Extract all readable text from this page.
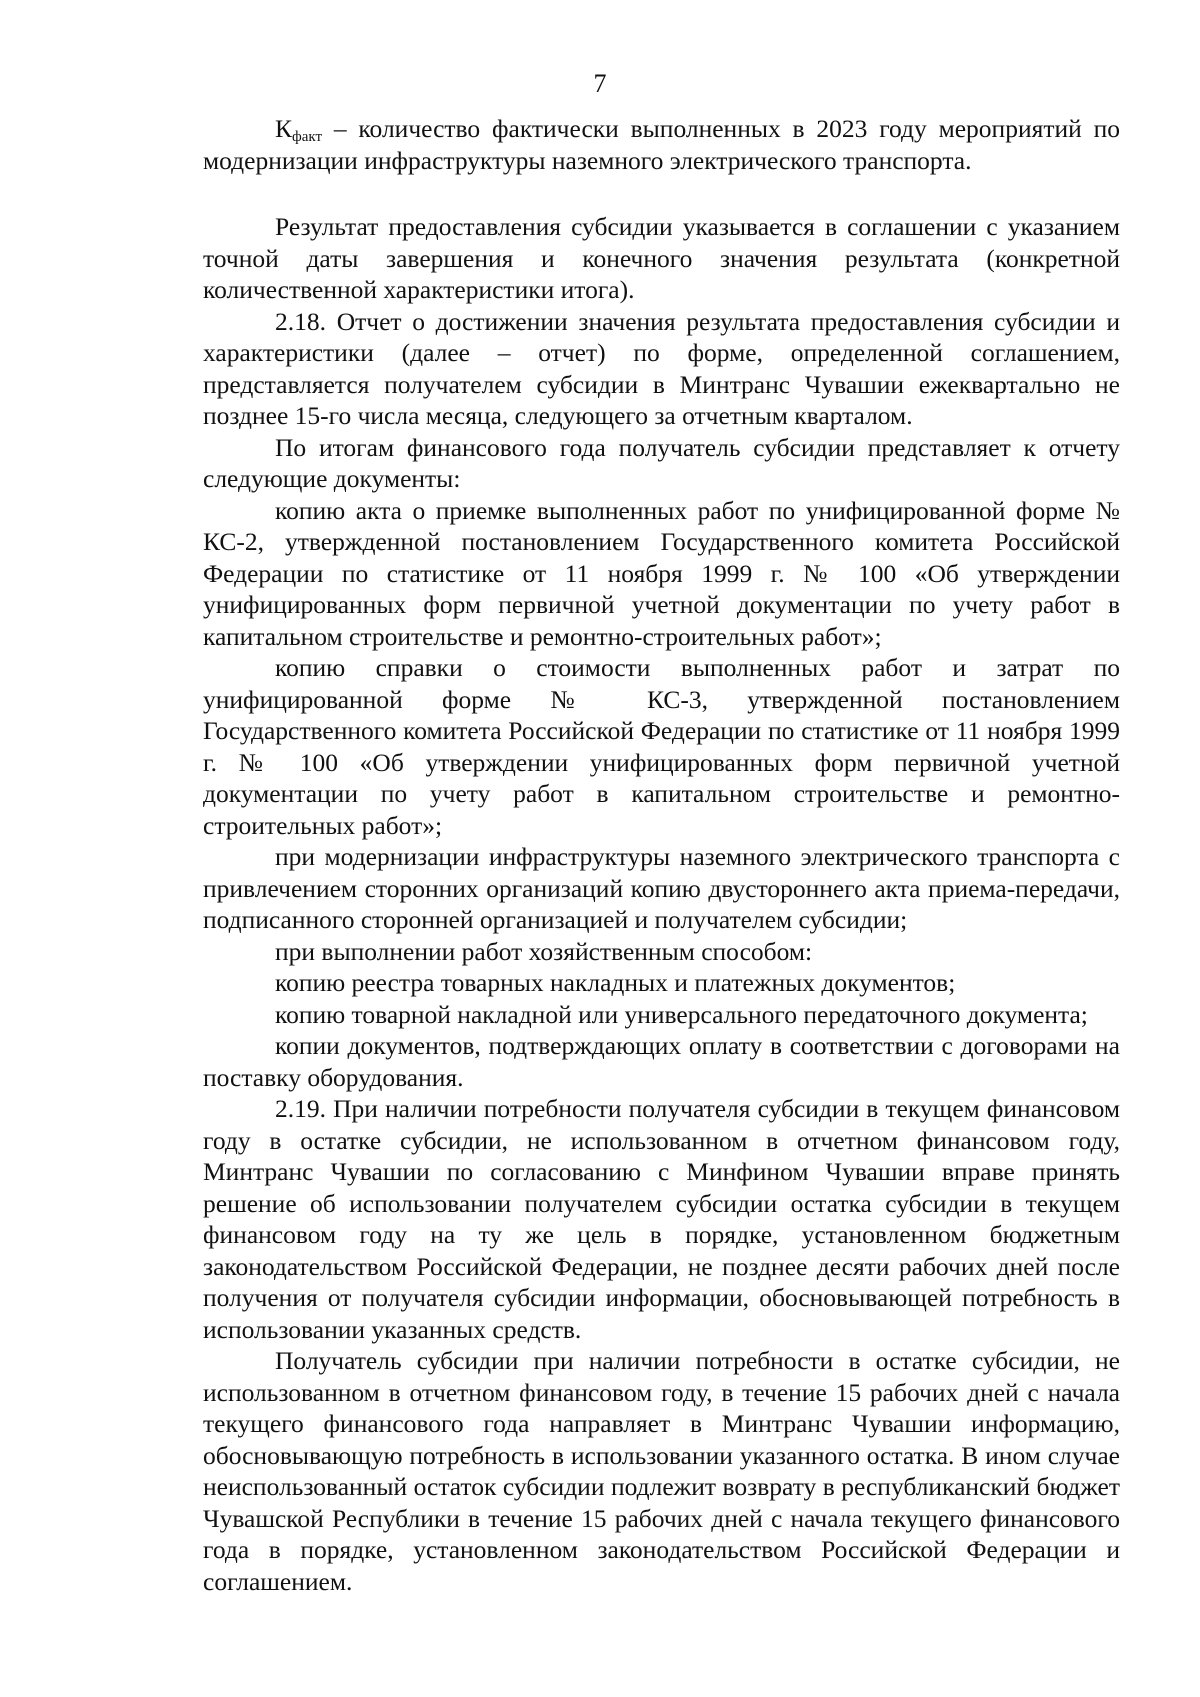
7

$К_{факт}$ – количество фактически выполненных в 2023 году мероприятий по модернизации инфраструктуры наземного электрического транспорта.

Результат предоставления субсидии указывается в соглашении с указанием точной даты завершения и конечного значения результата (конкретной количественной характеристики итога).

2.18. Отчет о достижении значения результата предоставления субсидии и характеристики (далее – отчет) по форме, определенной соглашением, представляется получателем субсидии в Минтранс Чувашии ежеквартально не позднее 15-го числа месяца, следующего за отчетным кварталом.

По итогам финансового года получатель субсидии представляет к отчету следующие документы:

копию акта о приемке выполненных работ по унифицированной форме № КС-2, утвержденной постановлением Государственного комитета Российской Федерации по статистике от 11 ноября 1999 г. № 100 «Об утверждении унифицированных форм первичной учетной документации по учету работ в капитальном строительстве и ремонтно-строительных работ»;

копию справки о стоимости выполненных работ и затрат по унифицированной форме № КС-3, утвержденной постановлением Государственного комитета Российской Федерации по статистике от 11 ноября 1999 г. № 100 «Об утверждении унифицированных форм первичной учетной документации по учету работ в капитальном строительстве и ремонтно-строительных работ»;

при модернизации инфраструктуры наземного электрического транспорта с привлечением сторонних организаций копию двустороннего акта приема-передачи, подписанного сторонней организацией и получателем субсидии;

при выполнении работ хозяйственным способом:

копию реестра товарных накладных и платежных документов;

копию товарной накладной или универсального передаточного документа;

копии документов, подтверждающих оплату в соответствии с договорами на поставку оборудования.

2.19. При наличии потребности получателя субсидии в текущем финансовом году в остатке субсидии, не использованном в отчетном финансовом году, Минтранс Чувашии по согласованию с Минфином Чувашии вправе принять решение об использовании получателем субсидии остатка субсидии в текущем финансовом году на ту же цель в порядке, установленном бюджетным законодательством Российской Федерации, не позднее десяти рабочих дней после получения от получателя субсидии информации, обосновывающей потребность в использовании указанных средств.

Получатель субсидии при наличии потребности в остатке субсидии, не использованном в отчетном финансовом году, в течение 15 рабочих дней с начала текущего финансового года направляет в Минтранс Чувашии информацию, обосновывающую потребность в использовании указанного остатка. В ином случае неиспользованный остаток субсидии подлежит возврату в республиканский бюджет Чувашской Республики в течение 15 рабочих дней с начала текущего финансового года в порядке, установленном законодательством Российской Федерации и соглашением.
